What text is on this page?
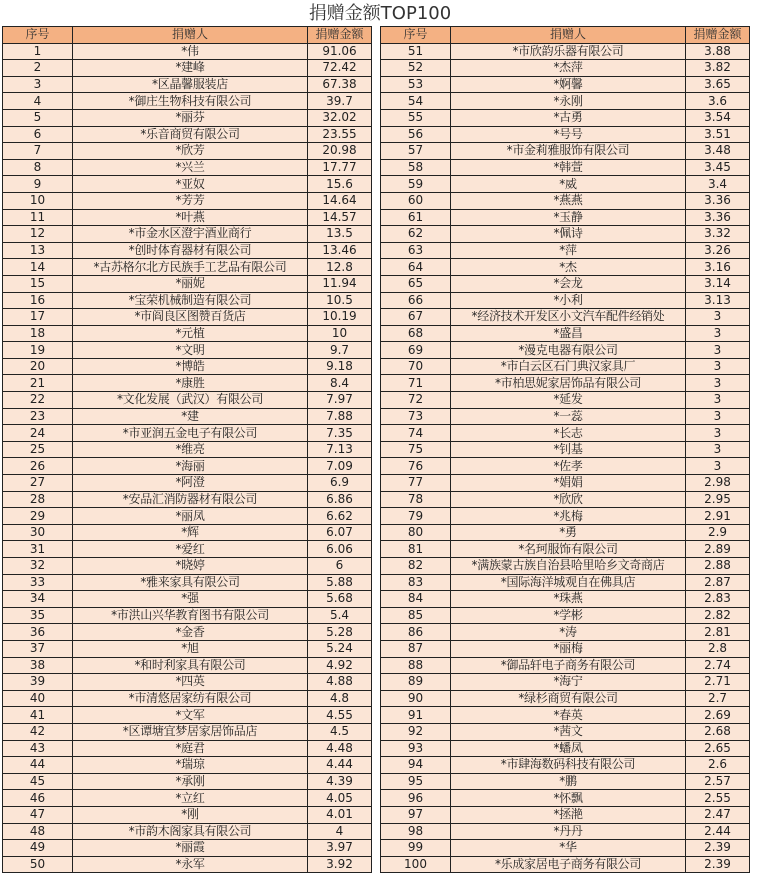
捐赠金额TOP100
序号	捐赠人	捐赠金额
1	*伟	91.06
2	*建峰	72.42
3	*区晶馨服装店	67.38
4	*御庄生物科技有限公司	39.7
5	*丽芬	32.02
6	*乐音商贸有限公司	23.55
7	*欣芳	20.98
8	*兴兰	17.77
9	*亚奴	15.6
10	*芳芳	14.64
11	*叶燕	14.57
12	*市金水区澄宇酒业商行	13.5
13	*创时体育器材有限公司	13.46
14	*古苏格尔北方民族手工艺品有限公司	12.8
15	*丽妮	11.94
16	*宝荣机械制造有限公司	10.5
17	*市阎良区图赞百货店	10.19
18	*元植	10
19	*文明	9.7
20	*博皓	9.18
21	*康胜	8.4
22	*文化发展（武汉）有限公司	7.97
23	*建	7.88
24	*市亚润五金电子有限公司	7.35
25	*维亮	7.13
26	*海丽	7.09
27	*阿澄	6.9
28	*安品汇消防器材有限公司	6.86
29	*丽凤	6.62
30	*辉	6.07
31	*爱红	6.06
32	*晓婷	6
33	*雅来家具有限公司	5.88
34	*强	5.68
35	*市洪山兴华教育图书有限公司	5.4
36	*金香	5.28
37	*旭	5.24
38	*和时利家具有限公司	4.92
39	*四英	4.88
40	*市清悠居家纺有限公司	4.8
41	*文军	4.55
42	*区谭塘宜梦居家居饰品店	4.5
43	*庭君	4.48
44	*瑞琼	4.44
45	*承刚	4.39
46	*立红	4.05
47	*刚	4.01
48	*市韵木阁家具有限公司	4
49	*丽霞	3.97
50	*永军	3.92
序号	捐赠人	捐赠金额
51	*市欣韵乐器有限公司	3.88
52	*杰萍	3.82
53	*婀馨	3.65
54	*永刚	3.6
55	*古勇	3.54
56	*号号	3.51
57	*市金莉雅服饰有限公司	3.48
58	*韩萱	3.45
59	*威	3.4
60	*燕燕	3.36
61	*玉静	3.36
62	*佩诗	3.32
63	*萍	3.26
64	*杰	3.16
65	*会龙	3.14
66	*小利	3.13
67	*经济技术开发区小文汽车配件经销处	3
68	*盛昌	3
69	*漫克电器有限公司	3
70	*市白云区石门典汉家具厂	3
71	*市柏思妮家居饰品有限公司	3
72	*延发	3
73	*一蕊	3
74	*长志	3
75	*钊基	3
76	*佐孝	3
77	*娟娟	2.98
78	*欣欣	2.95
79	*兆梅	2.91
80	*勇	2.9
81	*名珂服饰有限公司	2.89
82	*满族蒙古族自治县哈里哈乡文奇商店	2.88
83	*国际海洋城观自在佛具店	2.87
84	*珠燕	2.83
85	*学彬	2.82
86	*涛	2.81
87	*丽梅	2.8
88	*御品轩电子商务有限公司	2.74
89	*海宁	2.71
90	*绿杉商贸有限公司	2.7
91	*春英	2.69
92	*茜文	2.68
93	*蟠凤	2.65
94	*市肆海数码科技有限公司	2.6
95	*鹏	2.57
96	*怀飘	2.55
97	*拯滟	2.47
98	*丹丹	2.44
99	*华	2.39
100	*乐成家居电子商务有限公司	2.39
